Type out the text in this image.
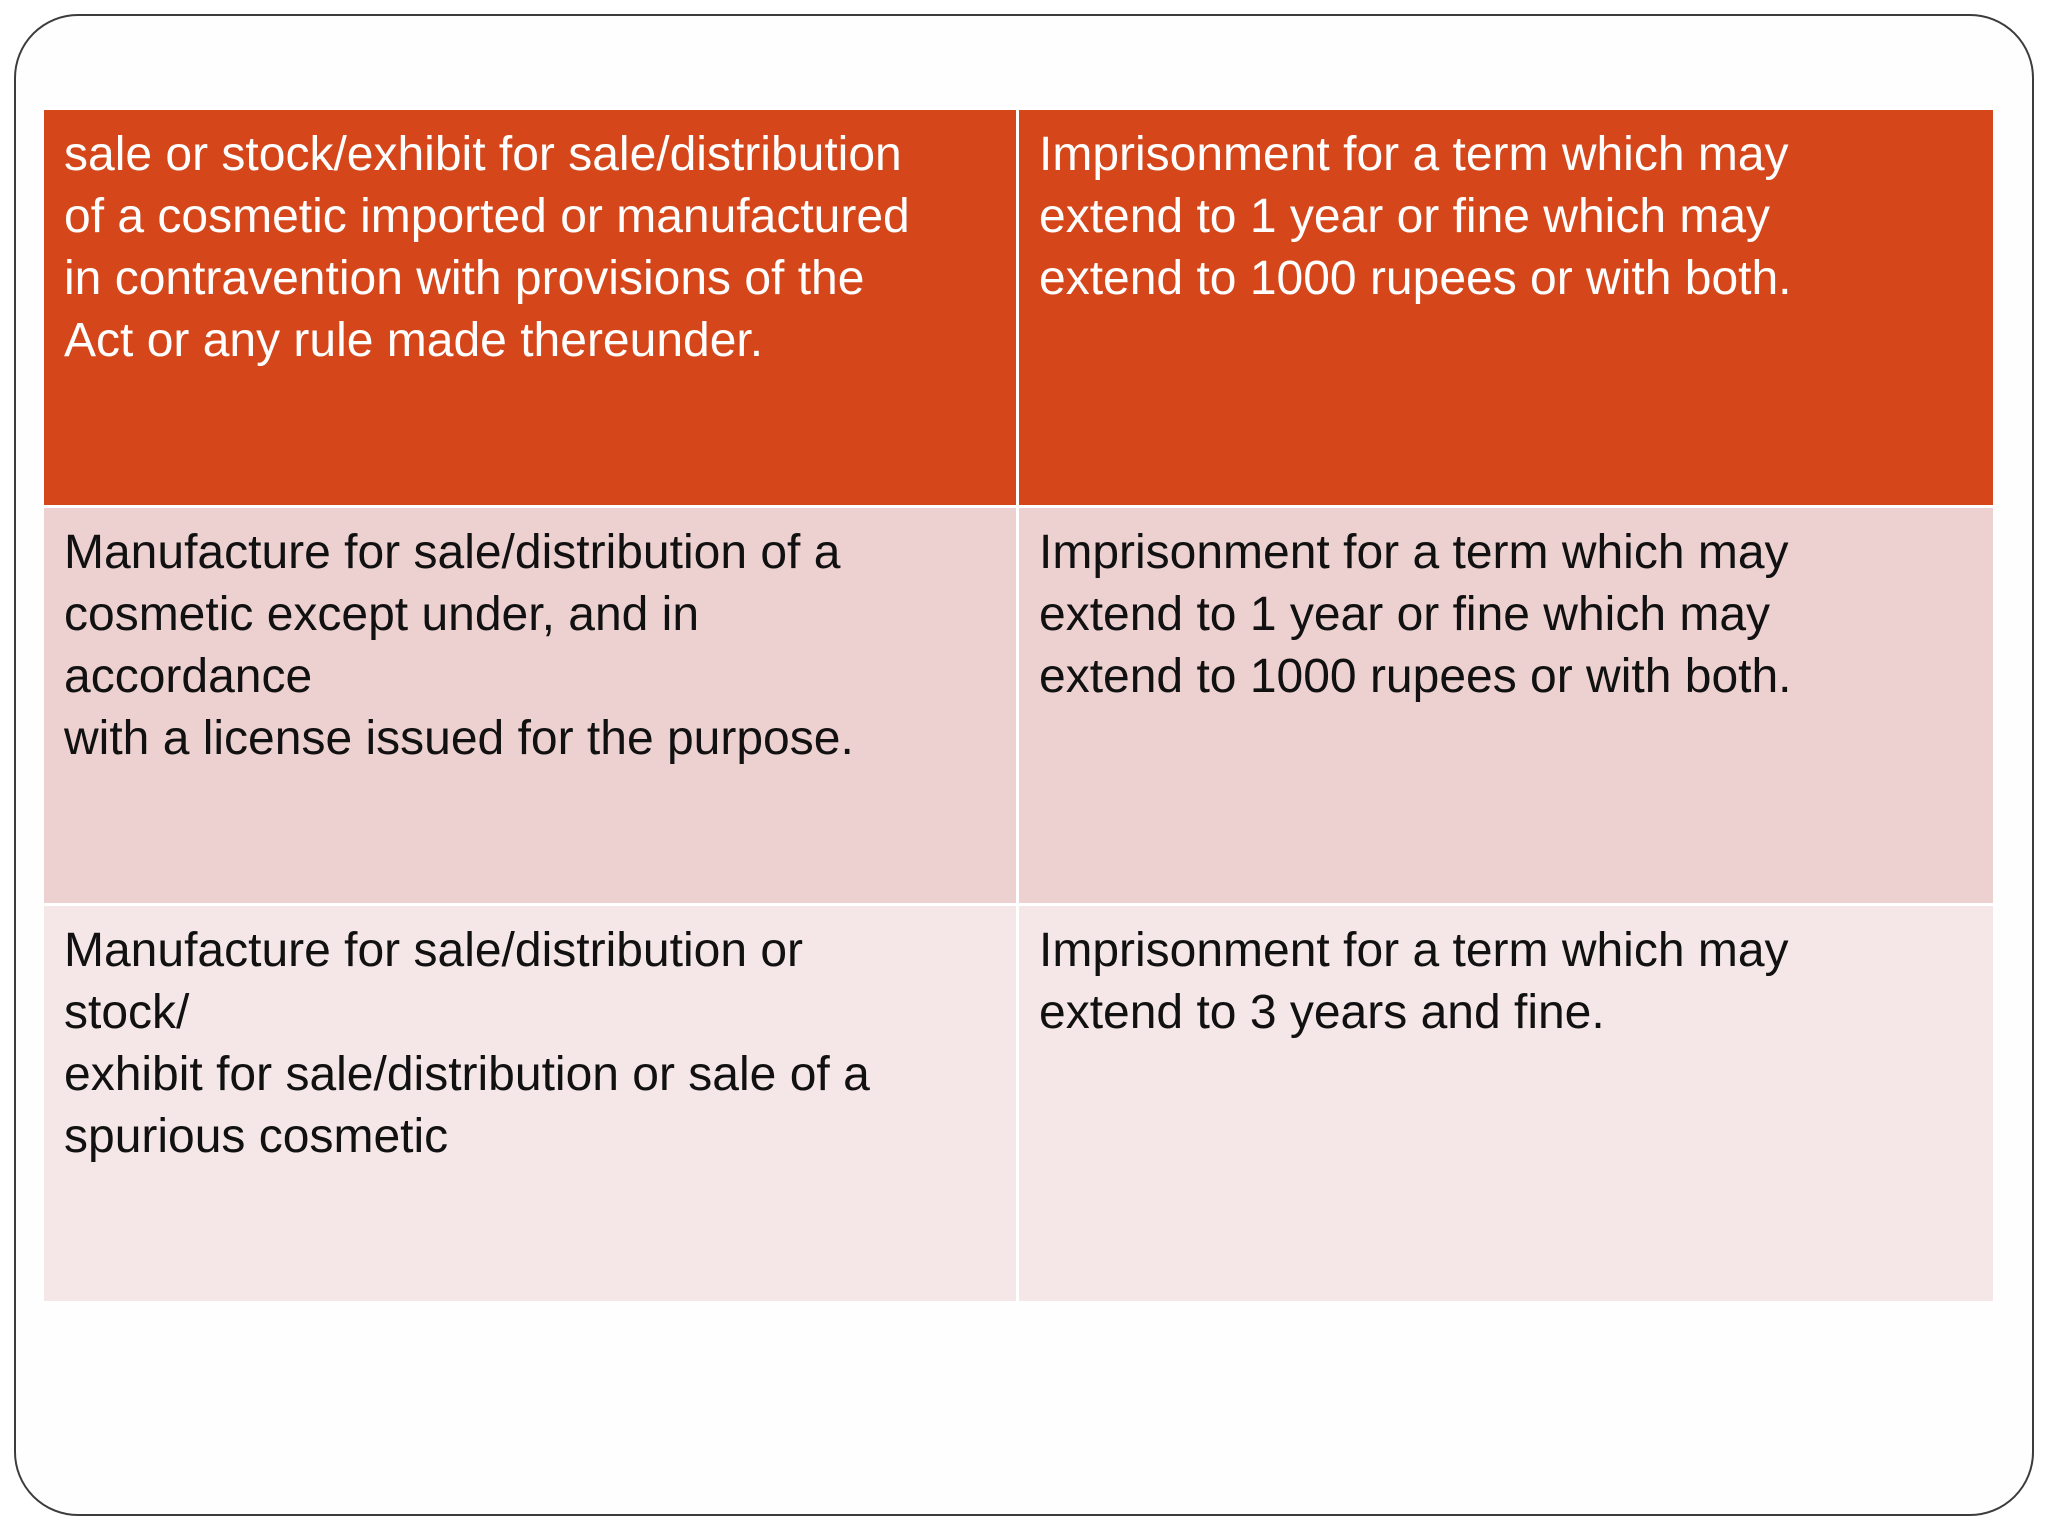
sale or stock/exhibit for sale/distribution
of a cosmetic imported or manufactured
in contravention with provisions of the
Act or any rule made thereunder.	Imprisonment for a term which may
extend to 1 year or fine which may
extend to 1000 rupees or with both.
Manufacture for sale/distribution of a
cosmetic except under, and in
accordance
with a license issued for the purpose.	Imprisonment for a term which may
extend to 1 year or fine which may
extend to 1000 rupees or with both.
Manufacture for sale/distribution or
stock/
exhibit for sale/distribution or sale of a
spurious cosmetic	Imprisonment for a term which may
extend to 3 years and fine.
